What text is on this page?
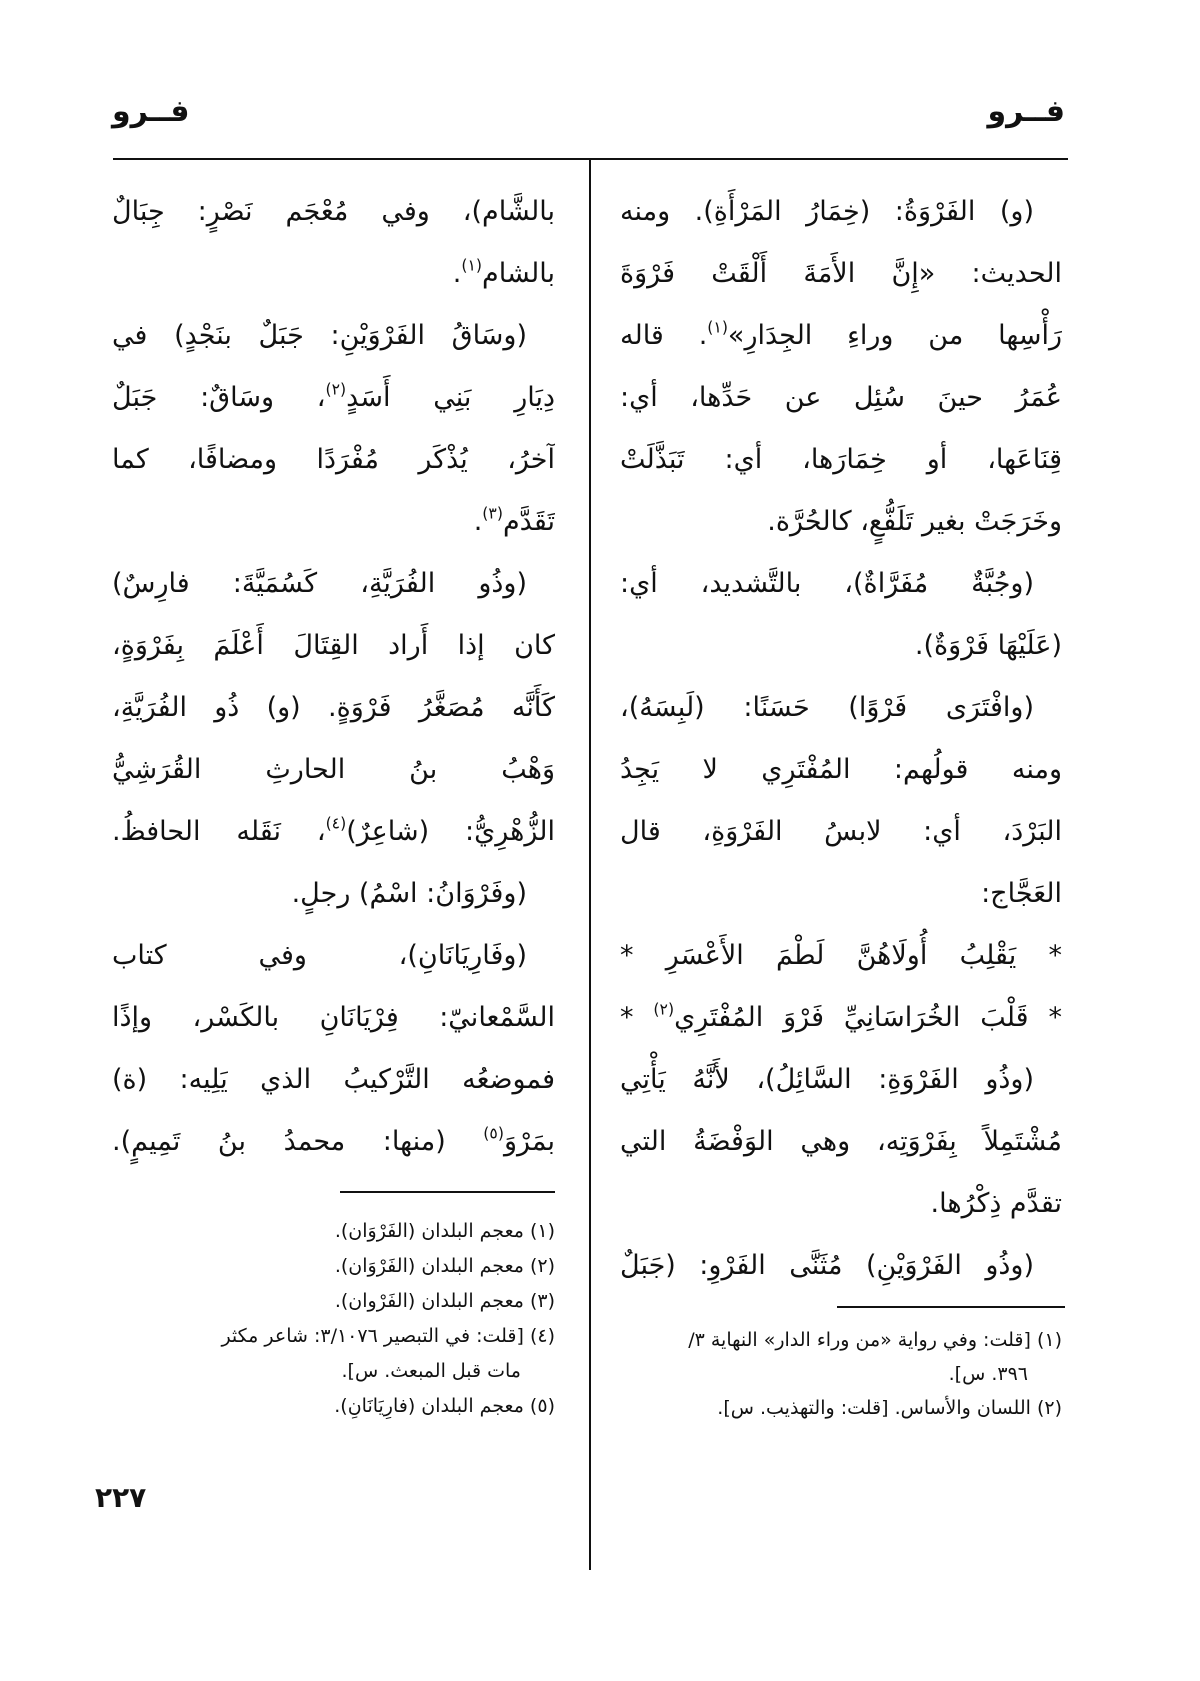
فــرو
فــرو
(و) الفَرْوَةُ: (خِمَارُ المَرْأَةِ). ومنه
الحديث: «إِنَّ الأَمَةَ أَلْقَتْ فَرْوَةَ
رَأْسِها من وراءِ الجِدَارِ»$^{(١)}$. قاله
عُمَرُ حينَ سُئِل عن حَدِّها، أي:
قِنَاعَها، أو خِمَارَها، أي: تَبَذَّلَتْ
وخَرَجَتْ بغير تَلَفُّعٍ، كالحُرَّة.
(وجُبَّةٌ مُفَرَّاةٌ)، بالتَّشديد، أي:
(عَلَيْهَا فَرْوَةٌ).
(وافْتَرَى فَرْوًا) حَسَنًا: (لَبِسَهُ)،
ومنه قولُهم: المُفْتَرِي لا يَجِدُ
البَرْدَ، أي: لابسُ الفَرْوَةِ، قال
العَجَّاج:
* يَقْلِبُ أُولَاهُنَّ لَطْمَ الأَعْسَرِ *
* قَلْبَ الخُرَاسَانِيِّ فَرْوَ المُفْتَرِي$^{(٢)}$ *
(وذُو الفَرْوَةِ: السَّائِلُ)، لأَنَّهُ يَأْتِي
مُشْتَمِلاً بِفَرْوَتِه، وهي الوَفْضَةُ التي
تقدَّم ذِكْرُها.
(وذُو الفَرْوَيْنِ) مُثَنَّى الفَرْوِ: (جَبَلٌ
(١) [قلت: وفي رواية «من وراء الدار» النهاية ٣/
٣٩٦. س].
(٢) اللسان والأساس. [قلت: والتهذيب. س].
بالشَّام)، وفي مُعْجَم نَصْرٍ: جِبَالٌ
بالشام$^{(١)}$.
(وسَاقُ الفَرْوَيْنِ: جَبَلٌ بنَجْدٍ) في
دِيَارِ بَنِي أَسَدٍ$^{(٢)}$، وسَاقٌ: جَبَلٌ
آخرُ، يُذْكَر مُفْرَدًا ومضافًا، كما
تَقَدَّم$^{(٣)}$.
(وذُو الفُرَيَّةِ، كَسُمَيَّةَ: فارِسٌ)
كان إذا أَراد القِتَالَ أَعْلَمَ بِفَرْوَةٍ،
كَأَنَّه مُصَغَّرُ فَرْوَةٍ. (و) ذُو الفُرَيَّةِ،
وَهْبُ بنُ الحارثِ القُرَشِيُّ
الزُّهْرِيُّ: (شاعِرٌ)$^{(٤)}$، نَقَله الحافظُ.
(وفَرْوَانُ: اسْمُ) رجلٍ.
(وفَارِيَانَانِ)، وفي كتاب
السَّمْعانيّ: فِرْيَانَانِ بالكَسْر، وإذًا
فموضعُه التَّرْكيبُ الذي يَلِيه: (ة)
بمَرْوَ$^{(٥)}$ (منها: محمدُ بنُ تَمِيمٍ).
(١) معجم البلدان (الفَرْوَان).
(٢) معجم البلدان (الفَرْوَان).
(٣) معجم البلدان (الفَرْوان).
(٤) [قلت: في التبصير ٣/١٠٧٦: شاعر مكثر
مات قبل المبعث. س].
(٥) معجم البلدان (فارِيَانَانِ).
٢٢٧
